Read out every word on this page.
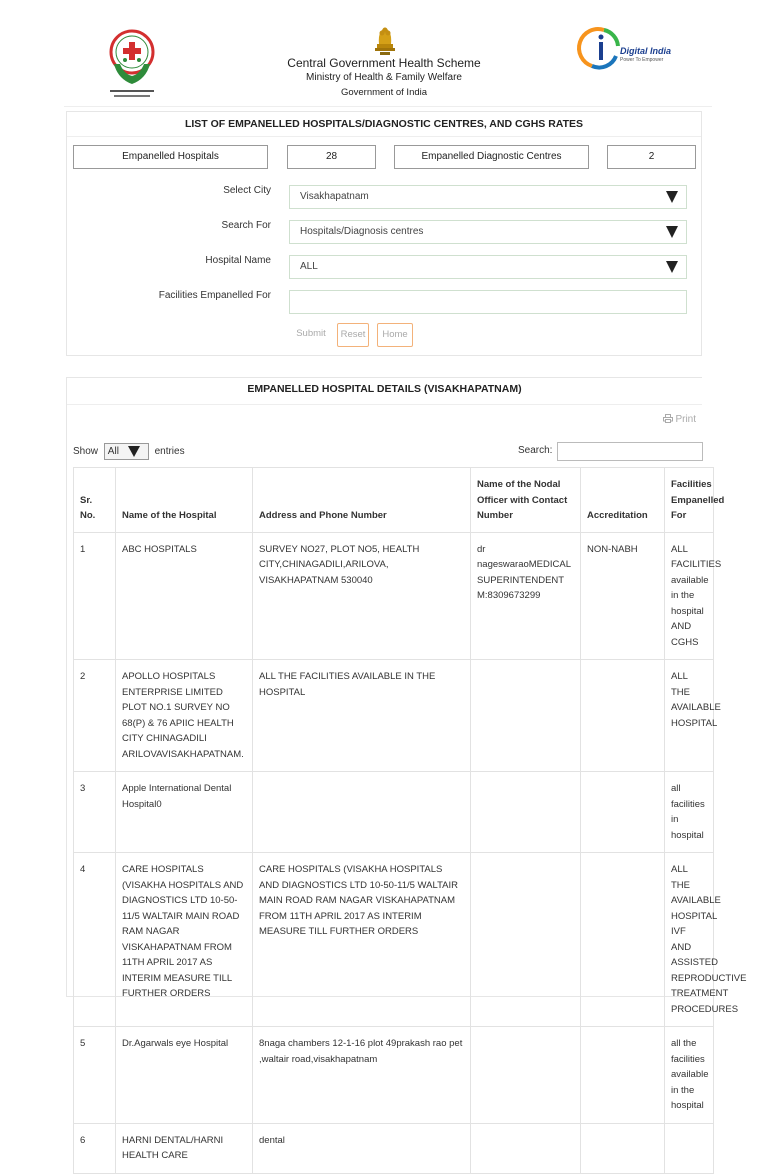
Central Government Health Scheme
Ministry of Health & Family Welfare
Government of India
Digital India
Power To Empower
LIST OF EMPANELLED HOSPITALS/DIAGNOSTIC CENTRES, AND CGHS RATES
Empanelled Hospitals	28	Empanelled Diagnostic Centres	2
Select City
Visakhapatnam
Search For
Hospitals/Diagnosis centres
Hospital Name
ALL
Facilities Empanelled For
Submit	Reset	Home
EMPANELLED HOSPITAL DETAILS (VISAKHAPATNAM)
Print
Show All	entries	Search:
Sr. No.	Name of the Hospital	Address and Phone Number	Name of the Nodal Officer with Contact Number	Accreditation	Facilities Empanelled For
1	ABC HOSPITALS	SURVEY NO27, PLOT NO5, HEALTH CITY,CHINAGADILI,ARILOVA, VISAKHAPATNAM 530040	dr nageswaraoMEDICAL SUPERINTENDENT M:8309673299	NON-NABH	ALL FACILITIES available in the hospital AND CGHS
2	APOLLO HOSPITALS ENTERPRISE LIMITED PLOT NO.1 SURVEY NO 68(P) & 76 APIIC HEALTH CITY CHINAGADILI ARILOVAVISAKHAPATNAM.	ALL THE FACILITIES AVAILABLE IN THE HOSPITAL			ALL THE AVAILABLE HOSPITAL
3	Apple International Dental Hospital0				all facilities in hospital
4	CARE HOSPITALS (VISAKHA HOSPITALS AND DIAGNOSTICS LTD 10-50-11/5 WALTAIR MAIN ROAD RAM NAGAR VISKAHAPATNAM FROM 11TH APRIL 2017 AS INTERIM MEASURE TILL FURTHER ORDERS	CARE HOSPITALS (VISAKHA HOSPITALS AND DIAGNOSTICS LTD 10-50-11/5 WALTAIR MAIN ROAD RAM NAGAR VISKAHAPATNAM FROM 11TH APRIL 2017 AS INTERIM MEASURE TILL FURTHER ORDERS			ALL THE AVAILABLE HOSPITAL IVF AND ASSISTED REPRODUCTIVE TREATMENT PROCEDURES
5	Dr.Agarwals eye Hospital	8naga chambers 12-1-16 plot 49prakash rao pet ,waltair road,visakhapatnam			all the facilities available in the hospital
6	HARNI DENTAL/HARNI HEALTH CARE	dental			
